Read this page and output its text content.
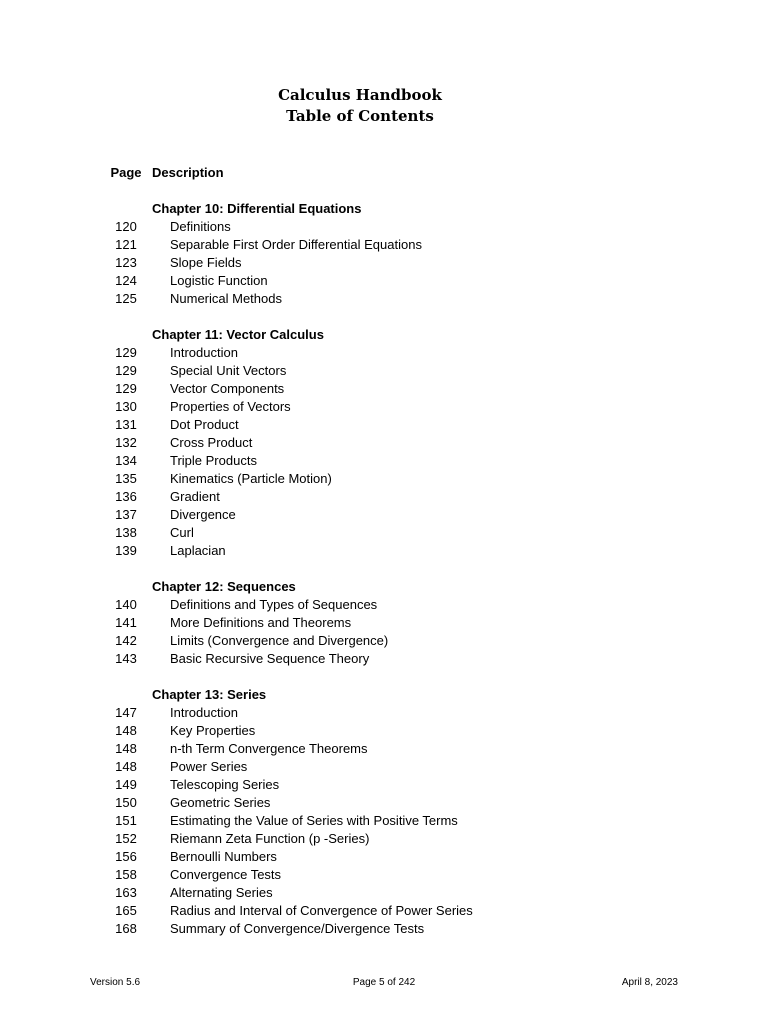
Calculus Handbook
Table of Contents
Page Description
Chapter 10: Differential Equations
120	Definitions
121	Separable First Order Differential Equations
123	Slope Fields
124	Logistic Function
125	Numerical Methods
Chapter 11: Vector Calculus
129	Introduction
129	Special Unit Vectors
129	Vector Components
130	Properties of Vectors
131	Dot Product
132	Cross Product
134	Triple Products
135	Kinematics (Particle Motion)
136	Gradient
137	Divergence
138	Curl
139	Laplacian
Chapter 12: Sequences
140	Definitions and Types of Sequences
141	More Definitions and Theorems
142	Limits (Convergence and Divergence)
143	Basic Recursive Sequence Theory
Chapter 13: Series
147	Introduction
148	Key Properties
148	n-th Term Convergence Theorems
148	Power Series
149	Telescoping Series
150	Geometric Series
151	Estimating the Value of Series with Positive Terms
152	Riemann Zeta Function (p -Series)
156	Bernoulli Numbers
158	Convergence Tests
163	Alternating Series
165	Radius and Interval of Convergence of Power Series
168	Summary of Convergence/Divergence Tests
Version 5.6	Page 5 of 242	April 8, 2023
